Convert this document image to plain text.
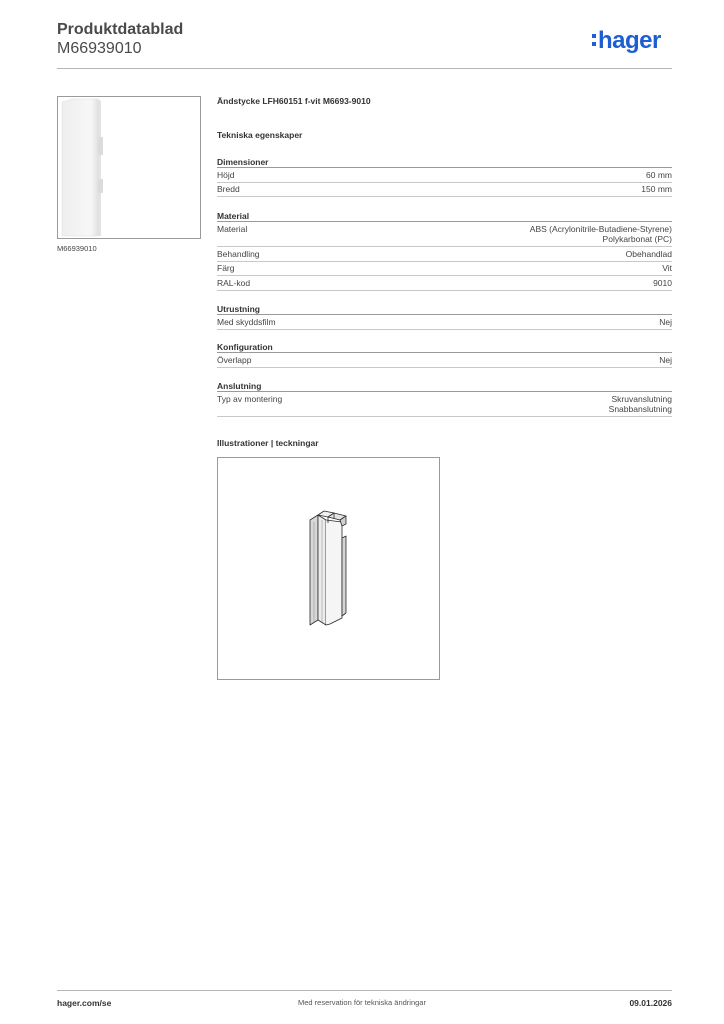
Produktdatablad
M66939010	hager
M66939010
Ändstycke LFH60151 f-vit M6693-9010
Tekniska egenskaper
Dimensioner
Höjd	60 mm
Bredd	150 mm
Material
Material	ABS (Acrylonitrile-Butadiene-Styrene)
Polykarbonat (PC)
Behandling	Obehandlad
Färg	Vit
RAL-kod	9010
Utrustning
Med skyddsfilm	Nej
Konfiguration
Överlapp	Nej
Anslutning
Typ av montering	Skruvanslutning
Snabbanslutning
Illustrationer | teckningar
hager.com/se	Med reservation för tekniska ändringar	09.01.2026
